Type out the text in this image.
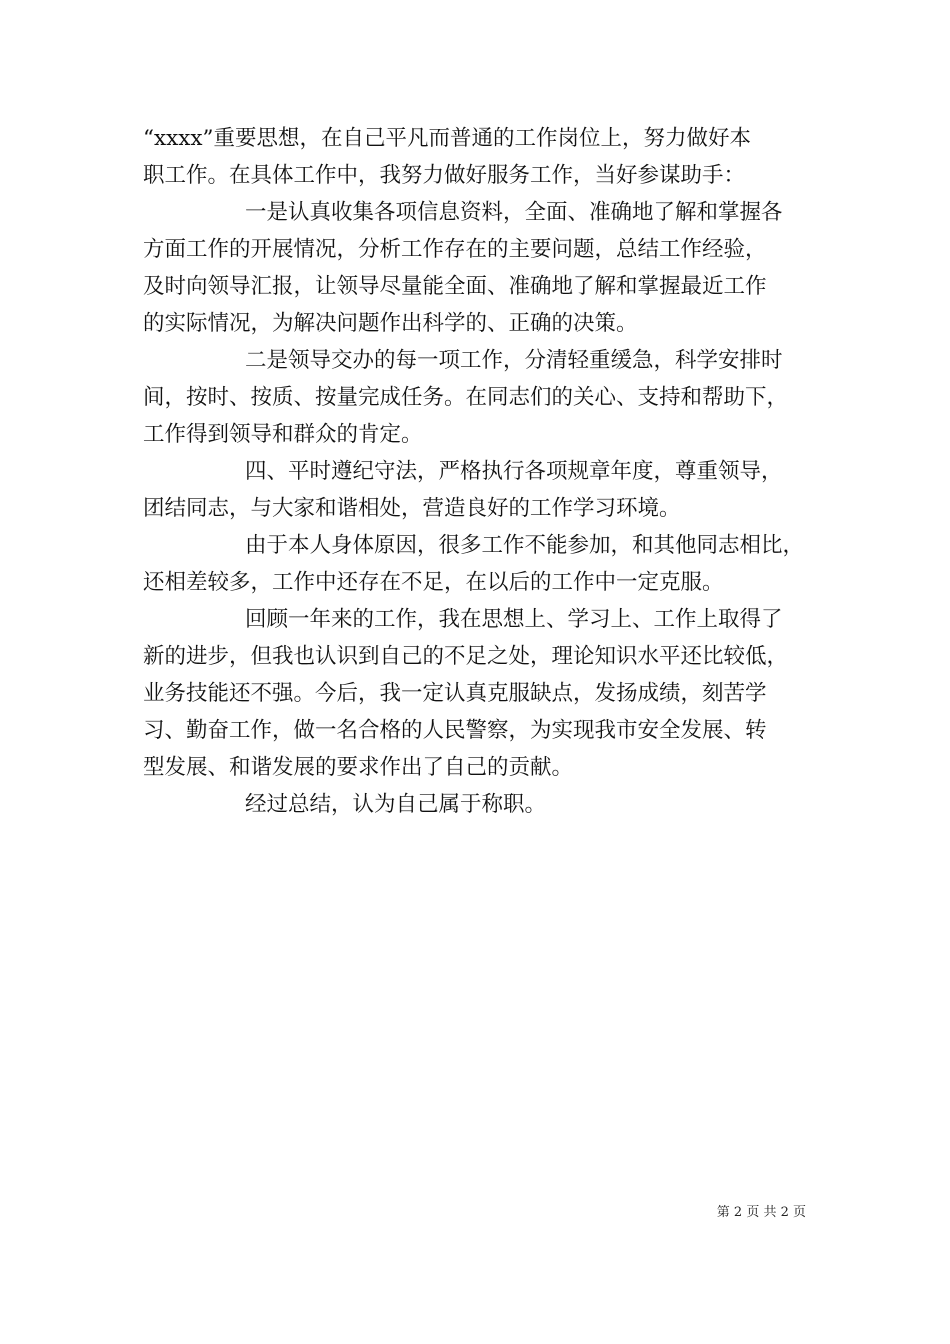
“xxxx”重要思想，在自己平凡而普通的工作岗位上，努力做好本
职工作。在具体工作中，我努力做好服务工作，当好参谋助手：
一是认真收集各项信息资料，全面、准确地了解和掌握各
方面工作的开展情况，分析工作存在的主要问题，总结工作经验，
及时向领导汇报，让领导尽量能全面、准确地了解和掌握最近工作
的实际情况，为解决问题作出科学的、正确的决策。
二是领导交办的每一项工作，分清轻重缓急，科学安排时
间，按时、按质、按量完成任务。在同志们的关心、支持和帮助下，
工作得到领导和群众的肯定。
四、平时遵纪守法，严格执行各项规章年度，尊重领导，
团结同志，与大家和谐相处，营造良好的工作学习环境。
由于本人身体原因，很多工作不能参加，和其他同志相比，
还相差较多，工作中还存在不足，在以后的工作中一定克服。
回顾一年来的工作，我在思想上、学习上、工作上取得了
新的进步，但我也认识到自己的不足之处，理论知识水平还比较低，
业务技能还不强。今后，我一定认真克服缺点，发扬成绩，刻苦学
习、勤奋工作，做一名合格的人民警察，为实现我市安全发展、转
型发展、和谐发展的要求作出了自己的贡献。
经过总结，认为自己属于称职。
第 2 页 共 2 页
